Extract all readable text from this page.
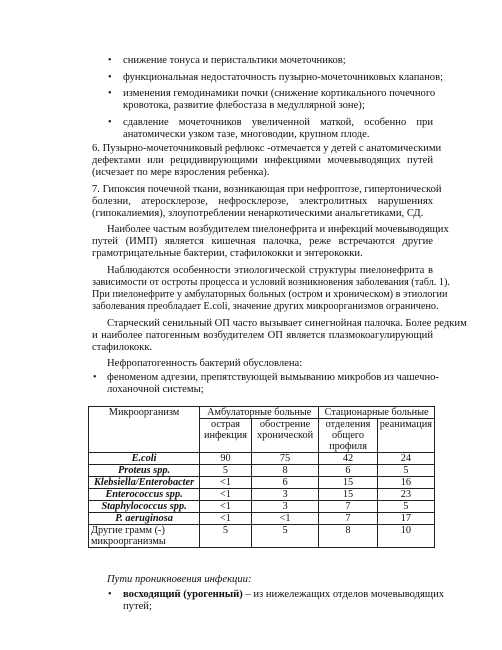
• снижение тонуса и перистальтики мочеточников;
• функциональная недостаточность пузырно-мочеточниковых клапанов;
• изменения гемодинамики почки (снижение кортикального почечного
кровотока, развитие флебостаза в медуллярной зоне);
• сдавление мочеточников увеличенной маткой, особенно при
анатомически узком тазе, многоводии, крупном плоде.
6. Пузырно-мочеточниковый рефлюкс -отмечается у детей с анатомическими
дефектами или рецидивирующими инфекциями мочевыводящих путей
(исчезает по мере взросления ребенка).
7. Гипоксия почечной ткани, возникающая при нефроптозе, гипертонической
болезни, атеросклерозе, нефросклерозе, электролитных нарушениях
(гипокалиемия), злоупотреблении ненаркотическими анальгетиками, СД.
Наиболее частым возбудителем пиелонефрита и инфекций мочевыводящих
путей (ИМП) является кишечная палочка, реже встречаются другие
грамотрицательные бактерии, стафилококки и энтерококки.
Наблюдаются особенности этиологической структуры пиелонефрита в
зависимости от остроты процесса и условий возникновения заболевания (табл. 1).
При пиелонефрите у амбулаторных больных (остром и хроническом) в этиологии
заболевания преобладает E.coli, значение других микроорганизмов ограничено.
Старческий сенильный ОП часто вызывает синегнойная палочка. Более редким
и наиболее патогенным возбудителем ОП является плазмокоагулирующий
стафилококк.
Нефропатогенность бактерий обусловлена:
• феноменом адгезии, препятствующей вымыванию микробов из чашечно-
лоханочной системы;
Микроорганизм	Амбулаторные больные		Стационарные больные	
	острая инфекция	обострение хронической	отделения общего профиля	реанимация
E.coli	90	75	42	24
Proteus spp.	5	8	6	5
Klebsiella/Enterobacter	<1	6	15	16
Enterococcus spp.	<1	3	15	23
Staphylococcus spp.	<1	3	7	5
P. aeruginosa	<1	<1	7	17
Другие грамм (-) микроорганизмы	5	5	8	10
Пути проникновения инфекции:
• восходящий (урогенный) – из нижележащих отделов мочевыводящих
путей;
